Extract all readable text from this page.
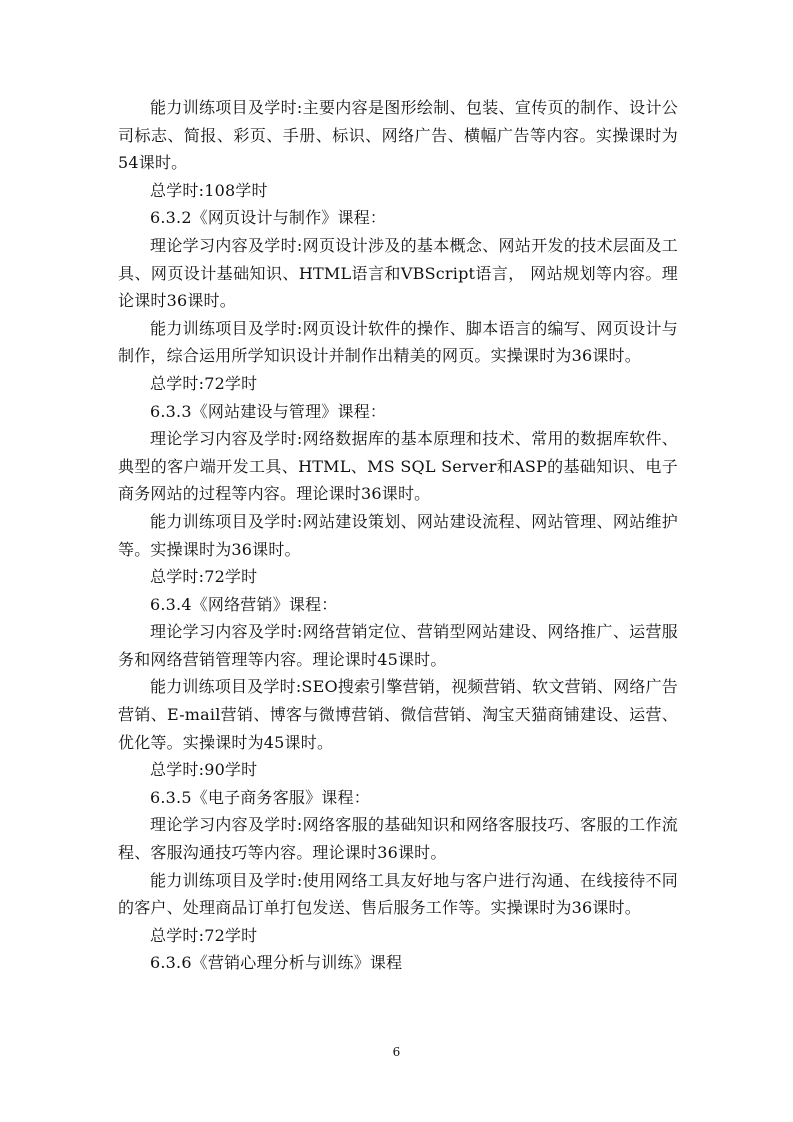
能力训练项目及学时:主要内容是图形绘制、包装、宣传页的制作、设计公司标志、简报、彩页、手册、标识、网络广告、横幅广告等内容。实操课时为54课时。

总学时:108学时

6.3.2《网页设计与制作》课程：

理论学习内容及学时:网页设计涉及的基本概念、网站开发的技术层面及工具、网页设计基础知识、HTML语言和VBScript语言， 网站规划等内容。理论课时36课时。

能力训练项目及学时:网页设计软件的操作、脚本语言的编写、网页设计与制作，综合运用所学知识设计并制作出精美的网页。实操课时为36课时。

总学时:72学时

6.3.3《网站建设与管理》课程：

理论学习内容及学时:网络数据库的基本原理和技术、常用的数据库软件、典型的客户端开发工具、HTML、MS SQL Server和ASP的基础知识、电子商务网站的过程等内容。理论课时36课时。

能力训练项目及学时:网站建设策划、网站建设流程、网站管理、网站维护等。实操课时为36课时。

总学时:72学时

6.3.4《网络营销》课程：

理论学习内容及学时:网络营销定位、营销型网站建设、网络推广、运营服务和网络营销管理等内容。理论课时45课时。

能力训练项目及学时:SEO搜索引擎营销，视频营销、软文营销、网络广告营销、E-mail营销、博客与微博营销、微信营销、淘宝天猫商铺建设、运营、优化等。实操课时为45课时。

总学时:90学时

6.3.5《电子商务客服》课程：

理论学习内容及学时:网络客服的基础知识和网络客服技巧、客服的工作流程、客服沟通技巧等内容。理论课时36课时。

能力训练项目及学时:使用网络工具友好地与客户进行沟通、在线接待不同的客户、处理商品订单打包发送、售后服务工作等。实操课时为36课时。

总学时:72学时

6.3.6《营销心理分析与训练》课程

6
